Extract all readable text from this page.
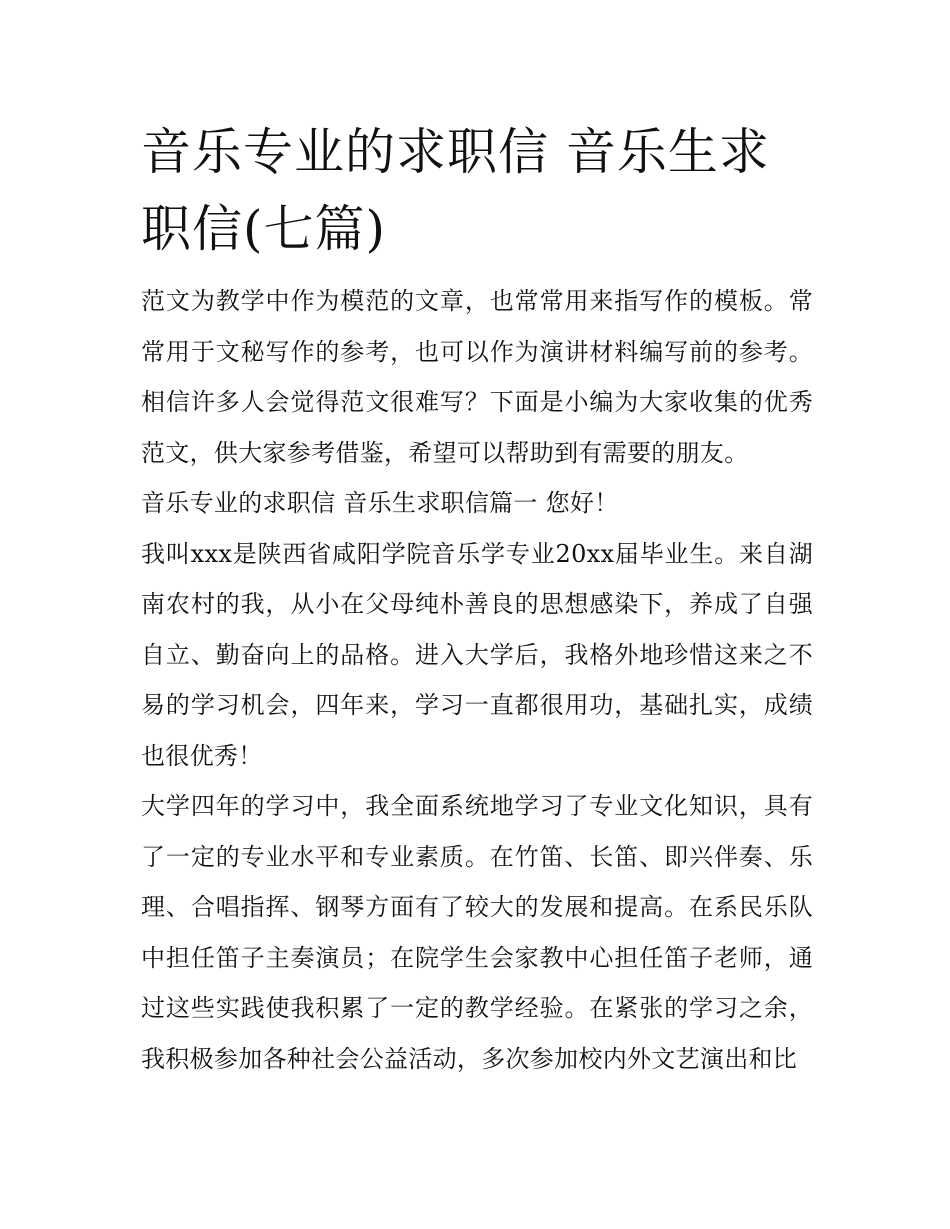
音乐专业的求职信 音乐生求职信(七篇)

范文为教学中作为模范的文章，也常常用来指写作的模板。常常用于文秘写作的参考，也可以作为演讲材料编写前的参考。相信许多人会觉得范文很难写？下面是小编为大家收集的优秀范文，供大家参考借鉴，希望可以帮助到有需要的朋友。

音乐专业的求职信 音乐生求职信篇一 您好！

我叫xxx是陕西省咸阳学院音乐学专业20xx届毕业生。来自湖南农村的我，从小在父母纯朴善良的思想感染下，养成了自强自立、勤奋向上的品格。进入大学后，我格外地珍惜这来之不易的学习机会，四年来，学习一直都很用功，基础扎实，成绩也很优秀！

大学四年的学习中，我全面系统地学习了专业文化知识，具有了一定的专业水平和专业素质。在竹笛、长笛、即兴伴奏、乐理、合唱指挥、钢琴方面有了较大的发展和提高。在系民乐队中担任笛子主奏演员；在院学生会家教中心担任笛子老师，通过这些实践使我积累了一定的教学经验。在紧张的学习之余，我积极参加各种社会公益活动，多次参加校内外文艺演出和比
